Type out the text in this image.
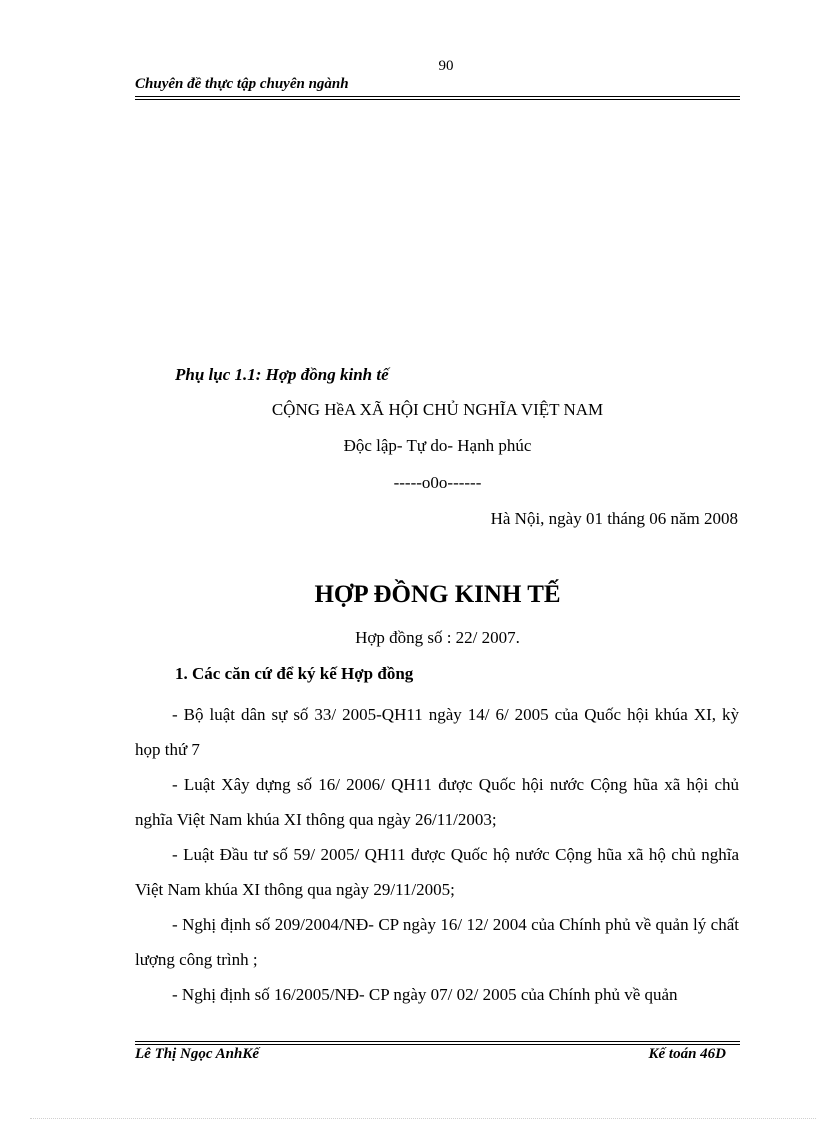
90
Chuyên đề thực tập chuyên ngành
Phụ lục 1.1: Hợp đồng kinh tế
CỘNG HềA XÃ HỘI CHỦ NGHĨA VIỆT NAM
Độc lập- Tự do- Hạnh phúc
-----o0o------
Hà Nội, ngày 01 tháng 06 năm 2008
HỢP ĐỒNG KINH TẾ
Hợp đồng số : 22/ 2007.
1. Các căn cứ để ký kế Hợp đồng

- Bộ luật dân sự số 33/ 2005-QH11 ngày 14/ 6/ 2005 của Quốc hội khúa XI, kỳ họp thứ 7

- Luật Xây dựng số 16/ 2006/ QH11 được Quốc hội nước Cộng hũa xã hội chủ nghĩa Việt Nam khúa XI thông qua ngày 26/11/2003;

- Luật Đầu tư số 59/ 2005/ QH11 được Quốc hộ nước Cộng hũa xã hộ chủ nghĩa Việt Nam khúa XI thông qua ngày 29/11/2005;

- Nghị định số 209/2004/NĐ- CP ngày 16/ 12/ 2004 của Chính phủ về quản lý chất lượng công trình ;

- Nghị định số 16/2005/NĐ- CP ngày 07/ 02/ 2005 của Chính phủ về quản

Lê Thị Ngọc AnhKế	Kế toán 46D
